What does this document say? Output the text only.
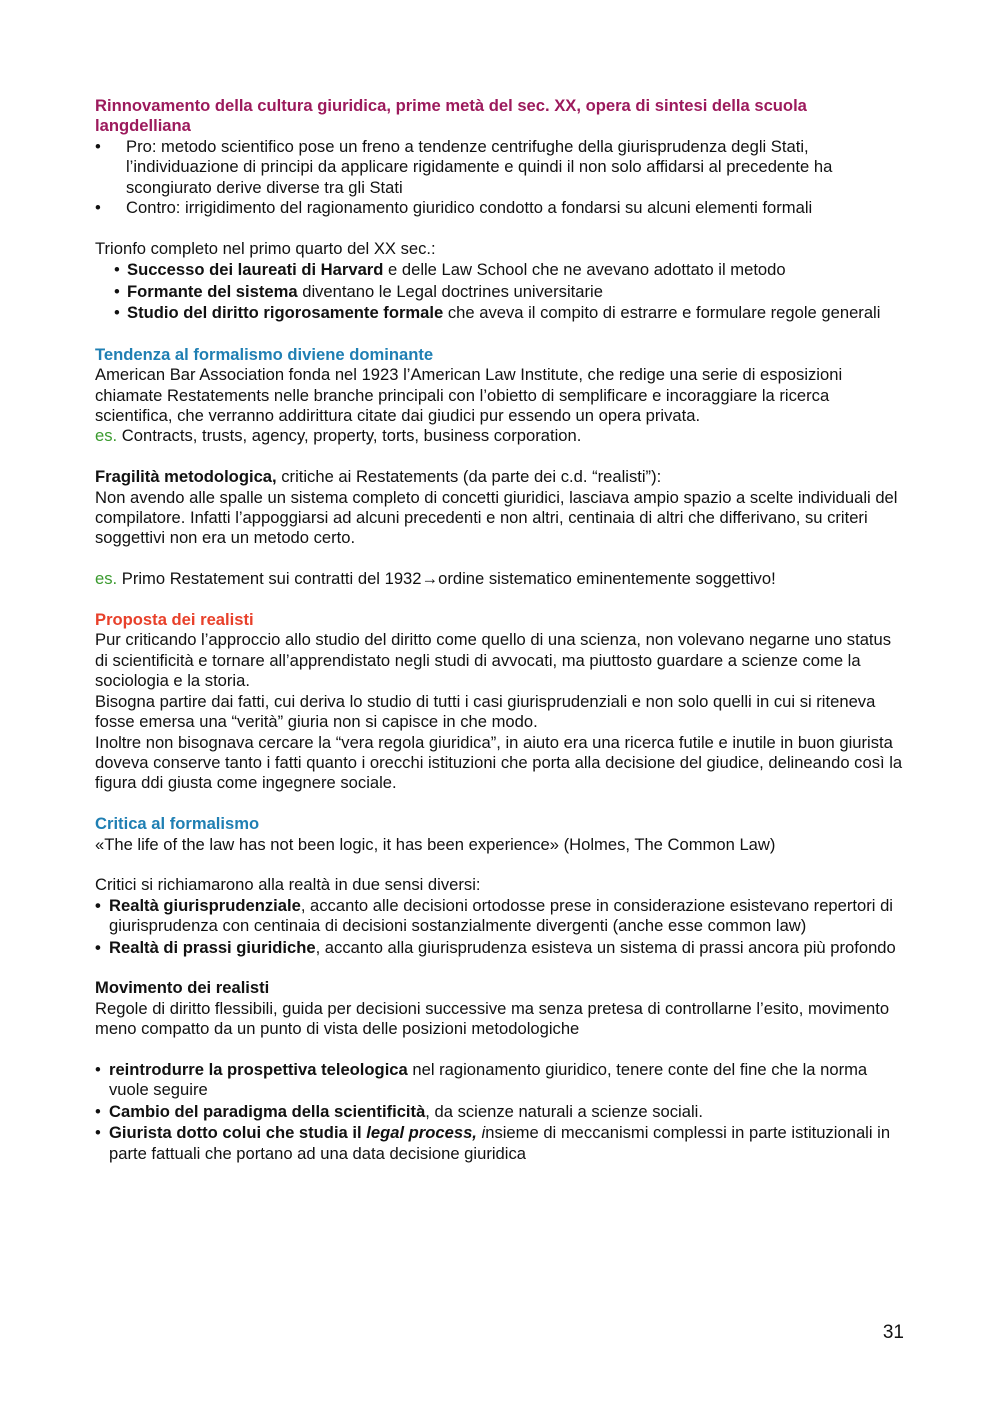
Rinnovamento della cultura giuridica, prime metà del sec. XX, opera di sintesi della scuola langdelliana

• Pro: metodo scientifico pose un freno a tendenze centrifughe della giurisprudenza degli Stati, l’individuazione di principi da applicare rigidamente e quindi il non solo affidarsi al precedente ha scongiurato derive diverse tra gli Stati
• Contro: irrigidimento del ragionamento giuridico condotto a fondarsi su alcuni elementi formali

Trionfo completo nel primo quarto del XX sec.:

• Successo dei laureati di Harvard e delle Law School che ne avevano adottato il metodo
• Formante del sistema diventano le Legal doctrines universitarie
• Studio del diritto rigorosamente formale che aveva il compito di estrarre e formulare regole generali

Tendenza al formalismo diviene dominante

American Bar Association fonda nel 1923 l’American Law Institute, che redige una serie di esposizioni chiamate Restatements nelle branche principali con l’obietto di semplificare e incoraggiare la ricerca scientifica, che verranno addirittura citate dai giudici pur essendo un opera privata.

es. Contracts, trusts, agency, property, torts, business corporation.

Fragilità metodologica, critiche ai Restatements (da parte dei c.d. “realisti”):

Non avendo alle spalle un sistema completo di concetti giuridici, lasciava ampio spazio a scelte individuali del compilatore. Infatti l’appoggiarsi ad alcuni precedenti e non altri, centinaia di altri che differivano, su criteri soggettivi non era un metodo certo.

es. Primo Restatement sui contratti del 1932→ordine sistematico eminentemente soggettivo!

Proposta dei realisti

Pur criticando l’approccio allo studio del diritto come quello di una scienza, non volevano negarne uno status di scientificità e tornare all’apprendistato negli studi di avvocati, ma piuttosto guardare a scienze come la sociologia e la storia.

Bisogna partire dai fatti, cui deriva lo studio di tutti i casi giurisprudenziali e non solo quelli in cui si riteneva fosse emersa una “verità” giuria non si capisce in che modo.

Inoltre non bisognava cercare la “vera regola giuridica”, in aiuto era una ricerca futile e inutile in buon giurista doveva conserve tanto i fatti quanto i orecchi istituzioni che porta alla decisione del giudice, delineando così la figura ddi giusta come ingegnere sociale.

Critica al formalismo

«The life of the law has not been logic, it has been experience» (Holmes, The Common Law)

Critici si richiamarono alla realtà in due sensi diversi:

• Realtà giurisprudenziale, accanto alle decisioni ortodosse prese in considerazione esistevano repertori di giurisprudenza con centinaia di decisioni sostanzialmente divergenti (anche esse common law)
• Realtà di prassi giuridiche, accanto alla giurisprudenza esisteva un sistema di prassi ancora più profondo

Movimento dei realisti

Regole di diritto flessibili, guida per decisioni successive ma senza pretesa di controllarne l’esito, movimento meno compatto da un punto di vista delle posizioni metodologiche

• reintrodurre la prospettiva teleologica nel ragionamento giuridico, tenere conte del fine che la norma vuole seguire
• Cambio del paradigma della scientificità, da scienze naturali a scienze sociali.
• Giurista dotto colui che studia il legal process, insieme di meccanismi complessi in parte istituzionali in parte fattuali che portano ad una data decisione giuridica
31
